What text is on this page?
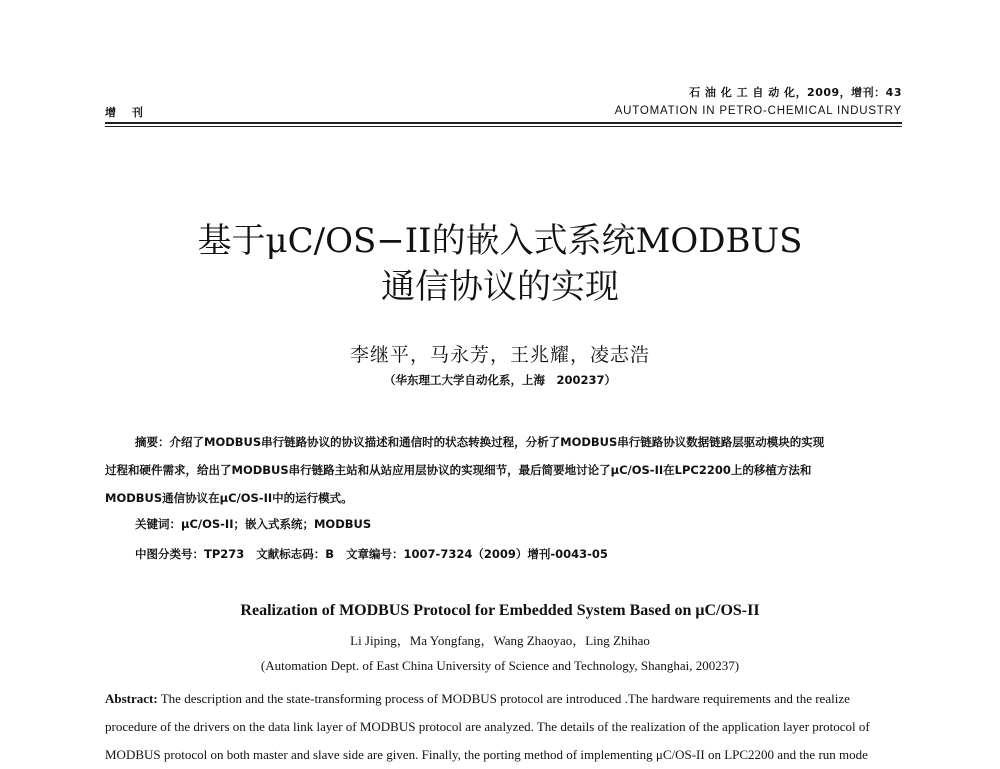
石 油 化 工 自 动 化，2009，增刊：43
AUTOMATION IN PETRO-CHEMICAL INDUSTRY
增 刊
基于μC/OS−II的嵌入式系统MODBUS
通信协议的实现
李继平，马永芳，王兆耀，凌志浩
（华东理工大学自动化系，上海　200237）
摘要：介绍了MODBUS串行链路协议的协议描述和通信时的状态转换过程，分析了MODBUS串行链路协议数据链路层驱动模块的实现
过程和硬件需求，给出了MODBUS串行链路主站和从站应用层协议的实现细节，最后简要地讨论了μC/OS-II在LPC2200上的移植方法和
MODBUS通信协议在μC/OS-II中的运行模式。
关键词：μC/OS-II；嵌入式系统；MODBUS
中图分类号：TP273 文献标志码：B 文章编号：1007-7324（2009）增刊-0043-05
Realization of MODBUS Protocol for Embedded System Based on μC/OS-II
Li Jiping，Ma Yongfang，Wang Zhaoyao，Ling Zhihao
(Automation Dept. of East China University of Science and Technology, Shanghai, 200237)
Abstract: The description and the state-transforming process of MODBUS protocol are introduced .The hardware requirements and the realize
procedure of the drivers on the data link layer of MODBUS protocol are analyzed. The details of the realization of the application layer protocol of
MODBUS protocol on both master and slave side are given. Finally, the porting method of implementing μC/OS-II on LPC2200 and the run mode
